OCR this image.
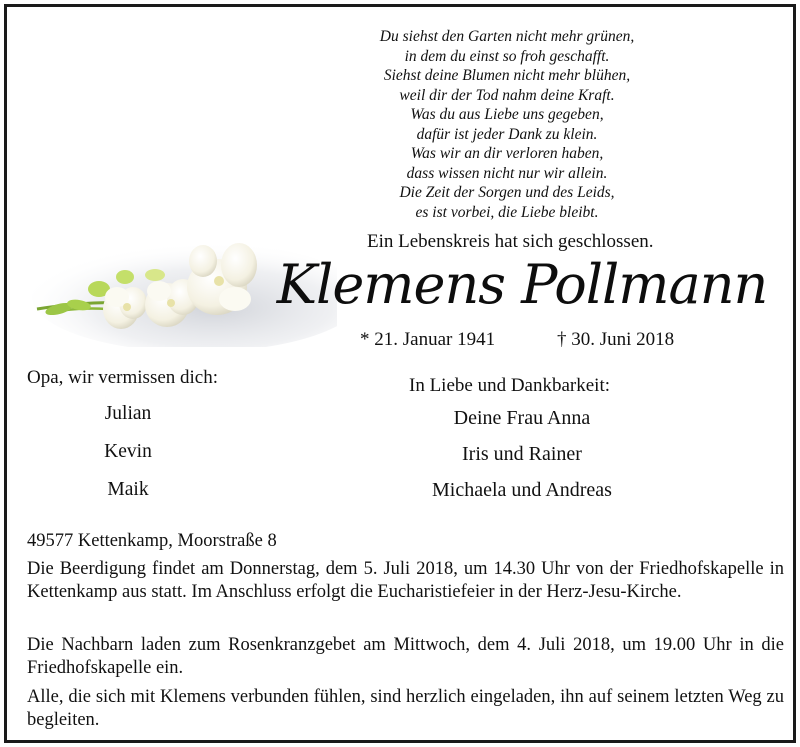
Du siehst den Garten nicht mehr grünen,
in dem du einst so froh geschafft.
Siehst deine Blumen nicht mehr blühen,
weil dir der Tod nahm deine Kraft.
Was du aus Liebe uns gegeben,
dafür ist jeder Dank zu klein.
Was wir an dir verloren haben,
dass wissen nicht nur wir allein.
Die Zeit der Sorgen und des Leids,
es ist vorbei, die Liebe bleibt.
Ein Lebenskreis hat sich geschlossen.
Klemens Pollmann
* 21. Januar 1941	† 30. Juni 2018
Opa, wir vermissen dich:
Julian
Kevin
Maik
In Liebe und Dankbarkeit:
Deine Frau Anna
Iris und Rainer
Michaela und Andreas
49577 Kettenkamp, Moorstraße 8
Die Beerdigung findet am Donnerstag, dem 5. Juli 2018, um 14.30 Uhr von der Friedhofskapelle in Kettenkamp aus statt. Im Anschluss erfolgt die Eucharistiefeier in der Herz-Jesu-Kirche.
Die Nachbarn laden zum Rosenkranzgebet am Mittwoch, dem 4. Juli 2018, um 19.00 Uhr in die Friedhofskapelle ein.
Alle, die sich mit Klemens verbunden fühlen, sind herzlich eingeladen, ihn auf seinem letzten Weg zu begleiten.
